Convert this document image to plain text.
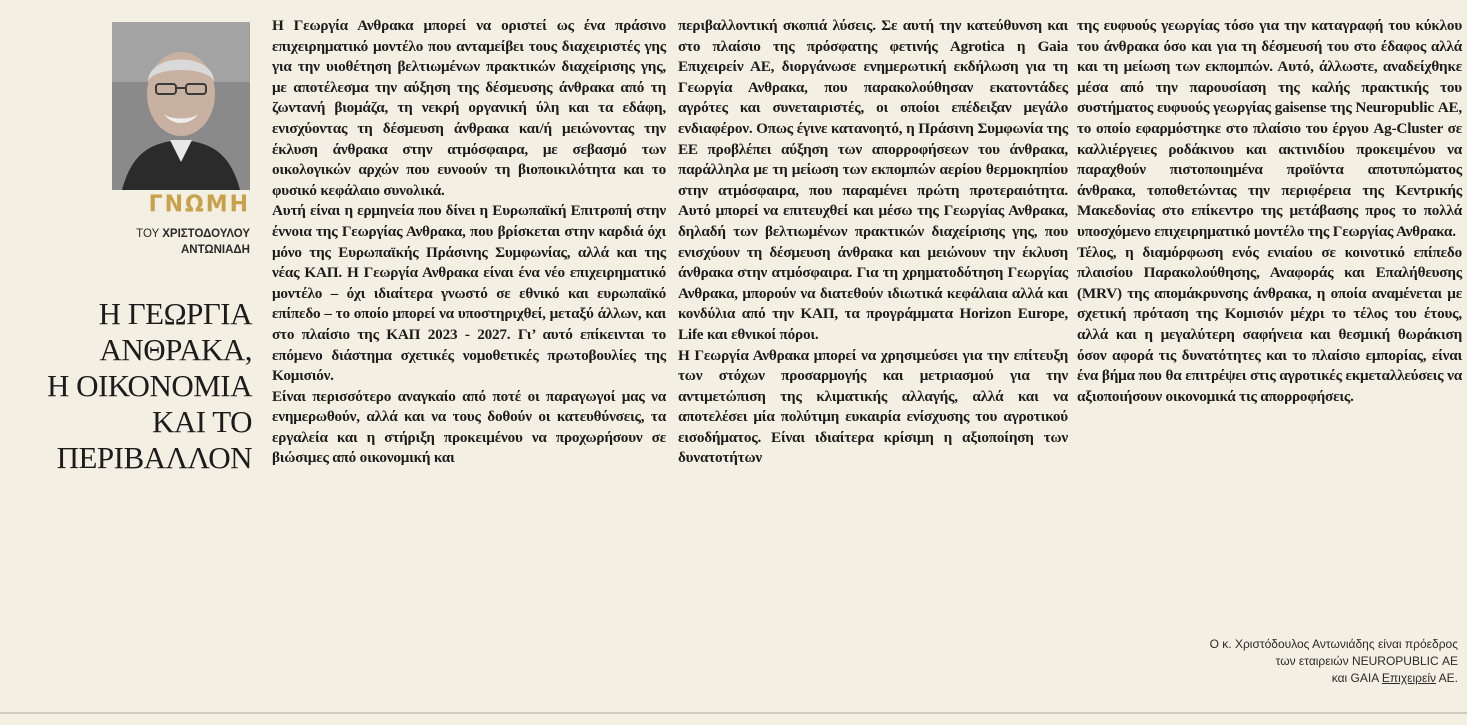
ΓΝΩΜΗ
ΤΟΥ ΧΡΙΣΤΟΔΟΥΛΟΥ
ΑΝΤΩΝΙΑΔΗ
Η ΓΕΩΡΓΙΑ
ΑΝΘΡΑΚΑ,
Η ΟΙΚΟΝΟΜΙΑ
ΚΑΙ ΤΟ
ΠΕΡΙΒΑΛΛΟΝ

Η Γεωργία Ανθρακα μπορεί να οριστεί ως ένα πράσινο επιχειρηματικό μοντέλο που ανταμείβει τους διαχειριστές γης για την υιοθέτηση βελτιωμένων πρακτικών διαχείρισης γης, με αποτέλεσμα την αύξηση της δέσμευσης άνθρακα από τη ζωντανή βιομάζα, τη νεκρή οργανική ύλη και τα εδάφη, ενισχύοντας τη δέσμευση άνθρακα και/ή μειώνοντας την έκλυση άνθρακα στην ατμόσφαιρα, με σεβασμό των οικολογικών αρχών που ευνοούν τη βιοποικιλότητα και το φυσικό κεφάλαιο συνολικά.

Αυτή είναι η ερμηνεία που δίνει η Ευρωπαϊκή Επιτροπή στην έννοια της Γεωργίας Ανθρακα, που βρίσκεται στην καρδιά όχι μόνο της Ευρωπαϊκής Πράσινης Συμφωνίας, αλλά και της νέας ΚΑΠ. Η Γεωργία Ανθρακα είναι ένα νέο επιχειρηματικό μοντέλο – όχι ιδιαίτερα γνωστό σε εθνικό και ευρωπαϊκό επίπεδο – το οποίο μπορεί να υποστηριχθεί, μεταξύ άλλων, και στο πλαίσιο της ΚΑΠ 2023 - 2027. Γι’ αυτό επίκεινται το επόμενο διάστημα σχετικές νομοθετικές πρωτοβουλίες της Κομισιόν.

Είναι περισσότερο αναγκαίο από ποτέ οι παραγωγοί μας να ενημερωθούν, αλλά και να τους δοθούν οι κατευθύνσεις, τα εργαλεία και η στήριξη προκειμένου να προχωρήσουν σε βιώσιμες από οικονομική και

περιβαλλοντική σκοπιά λύσεις. Σε αυτή την κατεύθυνση και στο πλαίσιο της πρόσφατης φετινής Agrotica η Gaia Επιχειρείν ΑΕ, διοργάνωσε ενημερωτική εκδήλωση για τη Γεωργία Ανθρακα, που παρακολούθησαν εκατοντάδες αγρότες και συνεταιριστές, οι οποίοι επέδειξαν μεγάλο ενδιαφέρον. Οπως έγινε κατανοητό, η Πράσινη Συμφωνία της ΕΕ προβλέπει αύξηση των απορροφήσεων του άνθρακα, παράλληλα με τη μείωση των εκπομπών αερίου θερμοκηπίου στην ατμόσφαιρα, που παραμένει πρώτη προτεραιότητα. Αυτό μπορεί να επιτευχθεί και μέσω της Γεωργίας Ανθρακα, δηλαδή των βελτιωμένων πρακτικών διαχείρισης γης, που ενισχύουν τη δέσμευση άνθρακα και μειώνουν την έκλυση άνθρακα στην ατμόσφαιρα. Για τη χρηματοδότηση Γεωργίας Ανθρακα, μπορούν να διατεθούν ιδιωτικά κεφάλαια αλλά και κονδύλια από την ΚΑΠ, τα προγράμματα Horizon Europe, Life και εθνικοί πόροι.

Η Γεωργία Ανθρακα μπορεί να χρησιμεύσει για την επίτευξη των στόχων προσαρμογής και μετριασμού για την αντιμετώπιση της κλιματικής αλλαγής, αλλά και να αποτελέσει μία πολύτιμη ευκαιρία ενίσχυσης του αγροτικού εισοδήματος. Είναι ιδιαίτερα κρίσιμη η αξιοποίηση των δυνατοτήτων

της ευφυούς γεωργίας τόσο για την καταγραφή του κύκλου του άνθρακα όσο και για τη δέσμευσή του στο έδαφος αλλά και τη μείωση των εκπομπών. Αυτό, άλλωστε, αναδείχθηκε μέσα από την παρουσίαση της καλής πρακτικής του συστήματος ευφυούς γεωργίας gaisense της Neuropublic ΑΕ, το οποίο εφαρμόστηκε στο πλαίσιο του έργου Ag-Cluster σε καλλιέργειες ροδάκινου και ακτινιδίου προκειμένου να παραχθούν πιστοποιημένα προϊόντα αποτυπώματος άνθρακα, τοποθετώντας την περιφέρεια της Κεντρικής Μακεδονίας στο επίκεντρο της μετάβασης προς το πολλά υποσχόμενο επιχειρηματικό μοντέλο της Γεωργίας Ανθρακα.

Τέλος, η διαμόρφωση ενός ενιαίου σε κοινοτικό επίπεδο πλαισίου Παρακολούθησης, Αναφοράς και Επαλήθευσης (MRV) της απομάκρυνσης άνθρακα, η οποία αναμένεται με σχετική πρόταση της Κομισιόν μέχρι το τέλος του έτους, αλλά και η μεγαλύτερη σαφήνεια και θεσμική θωράκιση όσον αφορά τις δυνατότητες και το πλαίσιο εμπορίας, είναι ένα βήμα που θα επιτρέψει στις αγροτικές εκμεταλλεύσεις να αξιοποιήσουν οικονομικά τις απορροφήσεις.

Ο κ. Χριστόδουλος Αντωνιάδης είναι πρόεδρος
των εταιρειών NEUROPUBLIC ΑΕ
και GAIA Επιχειρείν ΑΕ.
